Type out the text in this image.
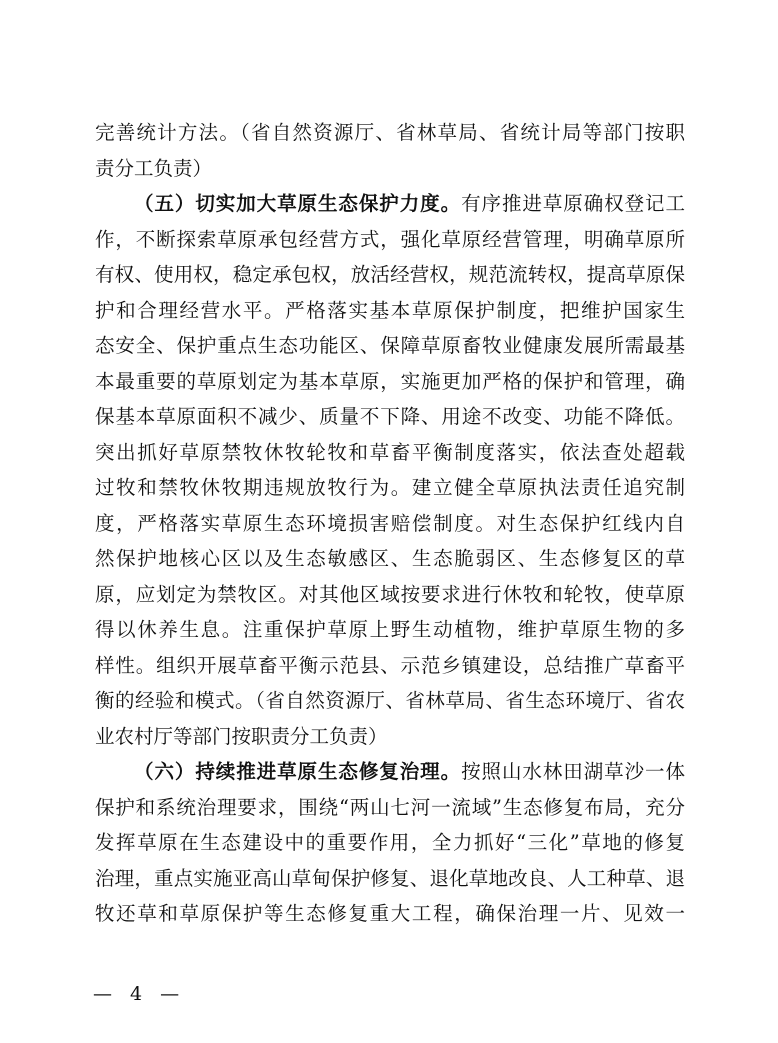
完善统计方法。（省自然资源厅、省林草局、省统计局等部门按职
责分工负责）
（五）切实加大草原生态保护力度。有序推进草原确权登记工
作，不断探索草原承包经营方式，强化草原经营管理，明确草原所
有权、使用权，稳定承包权，放活经营权，规范流转权，提高草原保
护和合理经营水平。严格落实基本草原保护制度，把维护国家生
态安全、保护重点生态功能区、保障草原畜牧业健康发展所需最基
本最重要的草原划定为基本草原，实施更加严格的保护和管理，确
保基本草原面积不减少、质量不下降、用途不改变、功能不降低。
突出抓好草原禁牧休牧轮牧和草畜平衡制度落实，依法查处超载
过牧和禁牧休牧期违规放牧行为。建立健全草原执法责任追究制
度，严格落实草原生态环境损害赔偿制度。对生态保护红线内自
然保护地核心区以及生态敏感区、生态脆弱区、生态修复区的草
原，应划定为禁牧区。对其他区域按要求进行休牧和轮牧，使草原
得以休养生息。注重保护草原上野生动植物，维护草原生物的多
样性。组织开展草畜平衡示范县、示范乡镇建设，总结推广草畜平
衡的经验和模式。（省自然资源厅、省林草局、省生态环境厅、省农
业农村厅等部门按职责分工负责）
（六）持续推进草原生态修复治理。按照山水林田湖草沙一体
保护和系统治理要求，围绕“两山七河一流域”生态修复布局，充分
发挥草原在生态建设中的重要作用，全力抓好“三化”草地的修复
治理，重点实施亚高山草甸保护修复、退化草地改良、人工种草、退
牧还草和草原保护等生态修复重大工程，确保治理一片、见效一
— 4 —
